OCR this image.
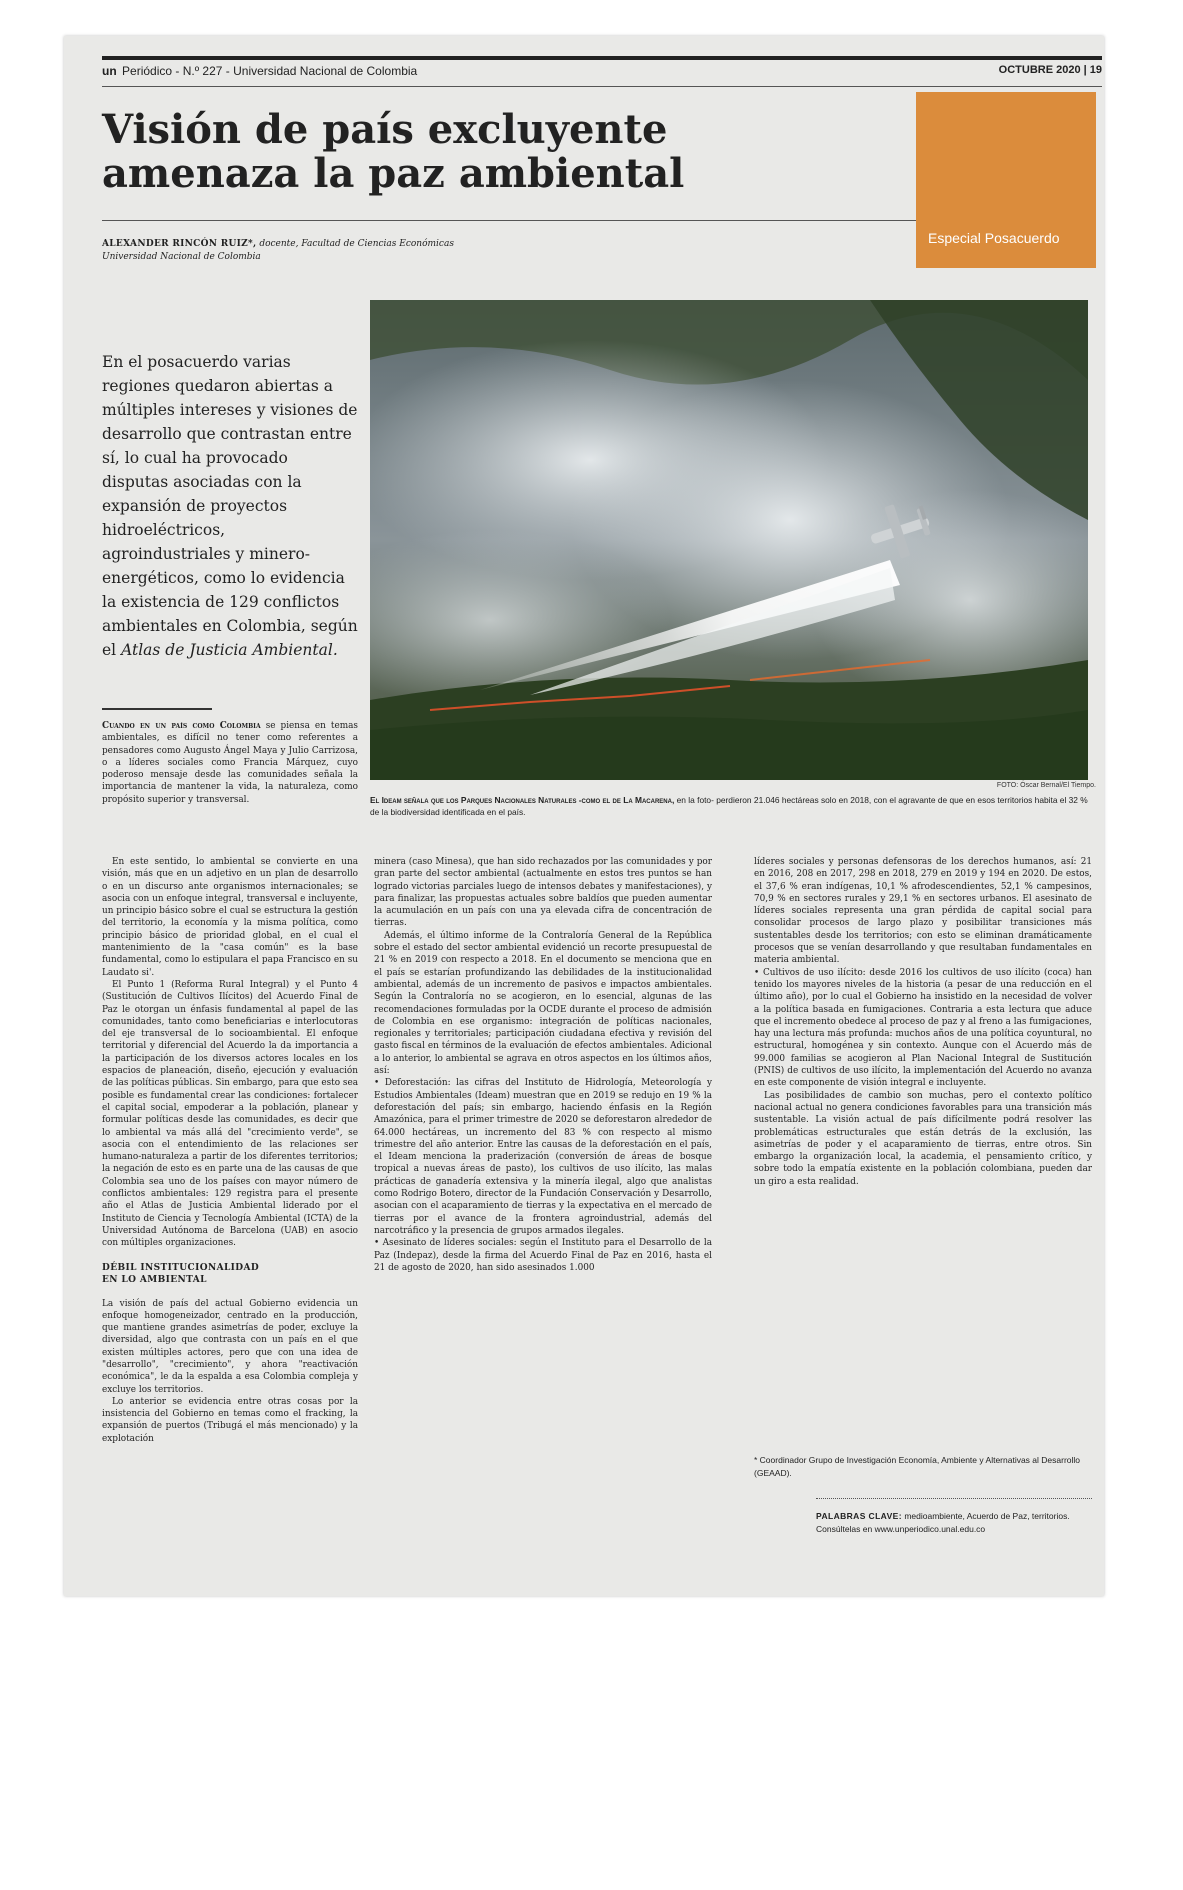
un Periódico - N.º 227 - Universidad Nacional de Colombia	OCTUBRE 2020 | 19
Visión de país excluyente amenaza la paz ambiental
ALEXANDER RINCÓN RUIZ*, docente, Facultad de Ciencias Económicas
Universidad Nacional de Colombia
Especial Posacuerdo
FOTO: Óscar Bernal/El Tiempo.
El Ideam señala que los Parques Nacionales Naturales -como el de La Macarena, en la foto- perdieron 21.046 hectáreas solo en 2018, con el agravante de que en esos territorios habita el 32 % de la biodiversidad identificada en el país.
En el posacuerdo varias regiones quedaron abiertas a múltiples intereses y visiones de desarrollo que contrastan entre sí, lo cual ha provocado disputas asociadas con la expansión de proyectos hidroeléctricos, agroindustriales y minero-energéticos, como lo evidencia la existencia de 129 conflictos ambientales en Colombia, según el Atlas de Justicia Ambiental.

Cuando en un país como Colombia se piensa en temas ambientales, es difícil no tener como referentes a pensadores como Augusto Ángel Maya y Julio Carrizosa, o a líderes sociales como Francia Márquez, cuyo poderoso mensaje desde las comunidades señala la importancia de mantener la vida, la naturaleza, como propósito superior y transversal.

En este sentido, lo ambiental se convierte en una visión, más que en un adjetivo en un plan de desarrollo o en un discurso ante organismos internacionales; se asocia con un enfoque integral, transversal e incluyente, un principio básico sobre el cual se estructura la gestión del territorio, la economía y la misma política, como principio básico de prioridad global, en el cual el mantenimiento de la "casa común" es la base fundamental, como lo estipulara el papa Francisco en su Laudato si'.

El Punto 1 (Reforma Rural Integral) y el Punto 4 (Sustitución de Cultivos Ilícitos) del Acuerdo Final de Paz le otorgan un énfasis fundamental al papel de las comunidades, tanto como beneficiarias e interlocutoras del eje transversal de lo socioambiental. El enfoque territorial y diferencial del Acuerdo la da importancia a la participación de los diversos actores locales en los espacios de planeación, diseño, ejecución y evaluación de las políticas públicas. Sin embargo, para que esto sea posible es fundamental crear las condiciones: fortalecer el capital social, empoderar a la población, planear y formular políticas desde las comunidades, es decir que lo ambiental va más allá del "crecimiento verde", se asocia con el entendimiento de las relaciones ser humano-naturaleza a partir de los diferentes territorios; la negación de esto es en parte una de las causas de que Colombia sea uno de los países con mayor número de conflictos ambientales: 129 registra para el presente año el Atlas de Justicia Ambiental liderado por el Instituto de Ciencia y Tecnología Ambiental (ICTA) de la Universidad Autónoma de Barcelona (UAB) en asocio con múltiples organizaciones.

DÉBIL INSTITUCIONALIDAD
EN LO AMBIENTAL

La visión de país del actual Gobierno evidencia un enfoque homogeneizador, centrado en la producción, que mantiene grandes asimetrías de poder, excluye la diversidad, algo que contrasta con un país en el que existen múltiples actores, pero que con una idea de "desarrollo", "crecimiento", y ahora "reactivación económica", le da la espalda a esa Colombia compleja y excluye los territorios.

Lo anterior se evidencia entre otras cosas por la insistencia del Gobierno en temas como el fracking, la expansión de puertos (Tribugá el más mencionado) y la explotación

minera (caso Minesa), que han sido rechazados por las comunidades y por gran parte del sector ambiental (actualmente en estos tres puntos se han logrado victorias parciales luego de intensos debates y manifestaciones), y para finalizar, las propuestas actuales sobre baldíos que pueden aumentar la acumulación en un país con una ya elevada cifra de concentración de tierras.

Además, el último informe de la Contraloría General de la República sobre el estado del sector ambiental evidenció un recorte presupuestal de 21 % en 2019 con respecto a 2018. En el documento se menciona que en el país se estarían profundizando las debilidades de la institucionalidad ambiental, además de un incremento de pasivos e impactos ambientales. Según la Contraloría no se acogieron, en lo esencial, algunas de las recomendaciones formuladas por la OCDE durante el proceso de admisión de Colombia en ese organismo: integración de políticas nacionales, regionales y territoriales; participación ciudadana efectiva y revisión del gasto fiscal en términos de la evaluación de efectos ambientales. Adicional a lo anterior, lo ambiental se agrava en otros aspectos en los últimos años, así:

• Deforestación: las cifras del Instituto de Hidrología, Meteorología y Estudios Ambientales (Ideam) muestran que en 2019 se redujo en 19 % la deforestación del país; sin embargo, haciendo énfasis en la Región Amazónica, para el primer trimestre de 2020 se deforestaron alrededor de 64.000 hectáreas, un incremento del 83 % con respecto al mismo trimestre del año anterior. Entre las causas de la deforestación en el país, el Ideam menciona la praderización (conversión de áreas de bosque tropical a nuevas áreas de pasto), los cultivos de uso ilícito, las malas prácticas de ganadería extensiva y la minería ilegal, algo que analistas como Rodrigo Botero, director de la Fundación Conservación y Desarrollo, asocian con el acaparamiento de tierras y la expectativa en el mercado de tierras por el avance de la frontera agroindustrial, además del narcotráfico y la presencia de grupos armados ilegales.

• Asesinato de líderes sociales: según el Instituto para el Desarrollo de la Paz (Indepaz), desde la firma del Acuerdo Final de Paz en 2016, hasta el 21 de agosto de 2020, han sido asesinados 1.000

líderes sociales y personas defensoras de los derechos humanos, así: 21 en 2016, 208 en 2017, 298 en 2018, 279 en 2019 y 194 en 2020. De estos, el 37,6 % eran indígenas, 10,1 % afrodescendientes, 52,1 % campesinos, 70,9 % en sectores rurales y 29,1 % en sectores urbanos. El asesinato de líderes sociales representa una gran pérdida de capital social para consolidar procesos de largo plazo y posibilitar transiciones más sustentables desde los territorios; con esto se eliminan dramáticamente procesos que se venían desarrollando y que resultaban fundamentales en materia ambiental.

• Cultivos de uso ilícito: desde 2016 los cultivos de uso ilícito (coca) han tenido los mayores niveles de la historia (a pesar de una reducción en el último año), por lo cual el Gobierno ha insistido en la necesidad de volver a la política basada en fumigaciones. Contraria a esta lectura que aduce que el incremento obedece al proceso de paz y al freno a las fumigaciones, hay una lectura más profunda: muchos años de una política coyuntural, no estructural, homogénea y sin contexto. Aunque con el Acuerdo más de 99.000 familias se acogieron al Plan Nacional Integral de Sustitución (PNIS) de cultivos de uso ilícito, la implementación del Acuerdo no avanza en este componente de visión integral e incluyente.

Las posibilidades de cambio son muchas, pero el contexto político nacional actual no genera condiciones favorables para una transición más sustentable. La visión actual de país difícilmente podrá resolver las problemáticas estructurales que están detrás de la exclusión, las asimetrías de poder y el acaparamiento de tierras, entre otros. Sin embargo la organización local, la academia, el pensamiento crítico, y sobre todo la empatía existente en la población colombiana, pueden dar un giro a esta realidad.

* Coordinador Grupo de Investigación Economía, Ambiente y Alternativas al Desarrollo (GEAAD).
PALABRAS CLAVE: medioambiente, Acuerdo de Paz, territorios. Consúltelas en www.unperiodico.unal.edu.co
